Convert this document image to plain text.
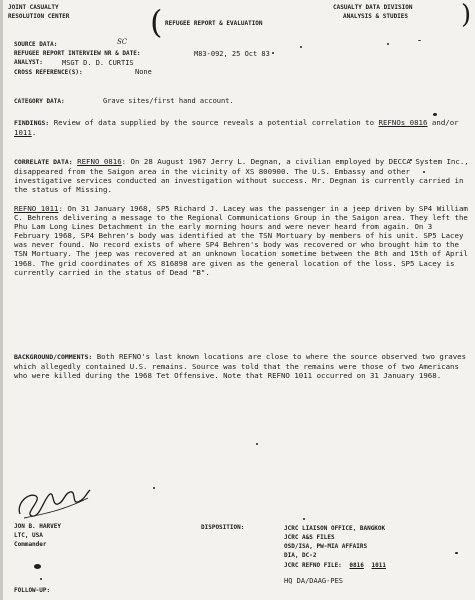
JOINT CASUALTY
RESOLUTION CENTER	( REFUGEE REPORT & EVALUATION
CASUALTY DATA DIVISION
ANALYSIS & STUDIES )
SOURCE DATA:	SC
REFUGEE REPORT INTERVIEW NR & DATE:	M83-092, 25 Oct 83
ANALYST:	MSGT D. D. CURTIS
CROSS REFERENCE(S):	None
CATEGORY DATA:	Grave sites/first hand account.
FINDINGS: Review of data supplied by the source reveals a potential correlation to REFNOs 0816 and/or 1011.
CORRELATE DATA: REFNO 0816: On 28 August 1967 Jerry L. Degnan, a civilian employed by DECCA System Inc., disappeared from the Saigon area in the vicinity of XS 800900. The U.S. Embassy and other investigative services conducted an investigation without success. Mr. Degnan is currently carried in the status of Missing.
REFNO 1011: On 31 January 1968, SP5 Richard J. Lacey was the passenger in a jeep driven by SP4 William C. Behrens delivering a message to the Regional Communications Group in the Saigon area. They left the Phu Lam Long Lines Detachment in the early morning hours and were never heard from again. On 3 February 1968, SP4 Behren's body was identified at the TSN Mortuary by members of his unit. SP5 Lacey was never found. No record exists of where SP4 Behren's body was recovered or who brought him to the TSN Mortuary. The jeep was recovered at an unknown location sometime between the 8th and 15th of April 1968. The grid coordinates of XS 816898 are given as the general location of the loss. SP5 Lacey is currently carried in the status of Dead "B".
BACKGROUND/COMMENTS: Both REFNO's last known locations are close to where the source observed two graves which allegedly contained U.S. remains. Source was told that the remains were those of two Americans who were killed during the 1968 Tet Offensive. Note that REFNO 1011 occurred on 31 January 1968.
JON B. HARVEY
LTC, USA
Commander
DISPOSITION:	JCRC LIAISON OFFICE, BANGKOK
JCRC A&S FILES
OSD/ISA, PW-MIA AFFAIRS
DIA, DC-2
JCRC REFNO FILE: 0816 1011
HQ DA/DAAG-PES
FOLLOW-UP:
